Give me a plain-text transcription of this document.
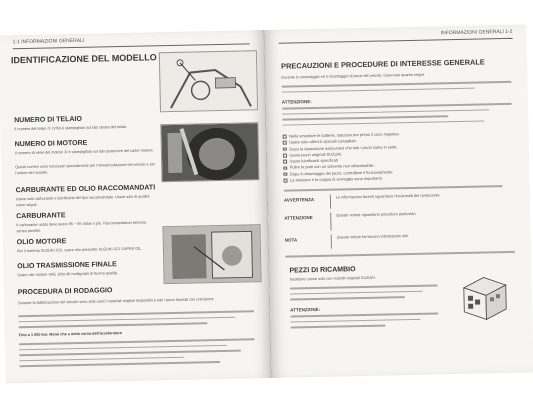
1-1 INFORMAZIONI GENERALI
IDENTIFICAZIONE DEL MODELLO
NUMERO DI TELAIO
Il numero del telaio ① (VIN) è stampigliato sul lato destro del telaio.
NUMERO DI MOTORE
Il numero di serie del motore ② è stampigliato sul lato posteriore del carter motore.
Questi numeri sono necessari specialmente per l'immatricolazione del veicolo e per l'ordine dei ricambi.
CARBURANTE ED OLIO RACCOMANDATI
Usare solo carburante e lubrificanti del tipo raccomandato. Usare solo di qualità come segue.
CARBURANTE
Il carburante usato deve avere 85 ~ 95 ottani o più. Raccomandiamo benzina senza piombo.
OLIO MOTORE
Per il sistema SUZUKI CCI, usare olio prescritto SUZUKI CCI SUPER OIL.
OLIO TRASMISSIONE FINALE
Usare olio motore SAE 10W-40 multigrado di buona qualità.
PROCEDURA DI RODAGGIO
Durante la fabbricazione del veicolo sono stati usati i materiali migliori disponibili e tutti i pezzi lavorati con precisione.
Fino a 1 000 km: Meno che a metà corsa dell'acceleratore
INFORMAZIONI GENERALI 1-2
PRECAUZIONI E PROCEDURE DI INTERESSE GENERALE
Durante lo smontaggio ed il rimontaggio di pezzi del veicolo, osservare quanto segue.
ATTENZIONE:
Nello smontare le batterie, staccare per primo il cavo negativo.
Usare solo attrezzi speciali consigliati.
Dopo la riparazione assicurarsi che tutti i pezzi siano in sede.
Usare pezzi originali SUZUKI.
Usare lubrificanti specificati.
Pulire le parti con un solvente non infiammabile.
Dopo il rimontaggio dei pezzi, controllare il funzionamento.
La tensione e la coppia di serraggio sono importanti.
AVVERTENZA
Le informazioni facenti riguardano l'incolumità del conducente.
ATTENZIONE
Queste notizie riguardano procedure particolari.
NOTA
Queste notizie forniscono informazioni utili.
PEZZI DI RICAMBIO
Sostituire i pezzi solo con ricambi originali SUZUKI.
ATTENZIONE:
